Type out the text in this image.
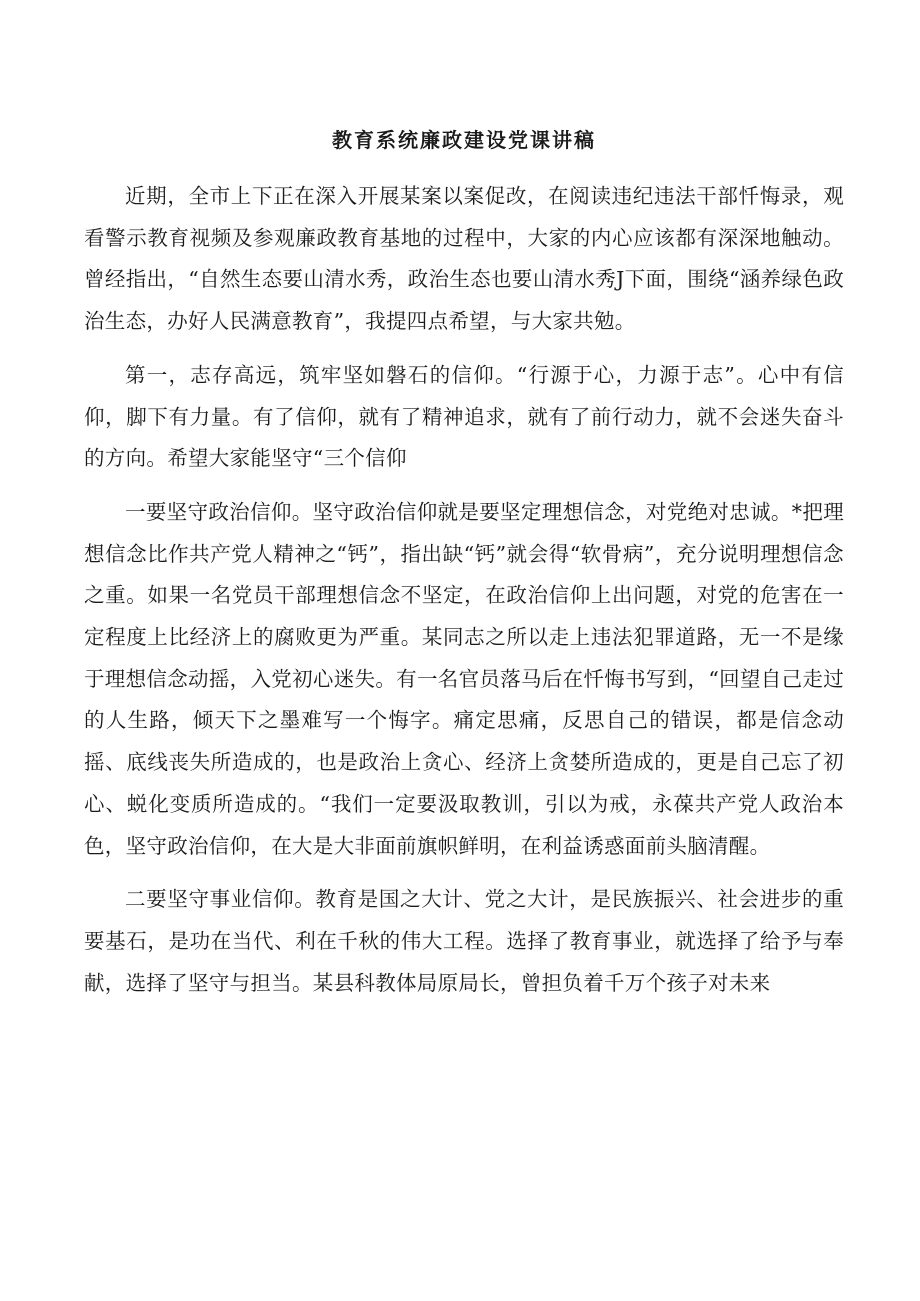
教育系统廉政建设党课讲稿

近期，全市上下正在深入开展某案以案促改，在阅读违纪违法干部忏悔录，观看警示教育视频及参观廉政教育基地的过程中，大家的内心应该都有深深地触动。曾经指出，“自然生态要山清水秀，政治生态也要山清水秀J下面，围绕“涵养绿色政治生态，办好人民满意教育”，我提四点希望，与大家共勉。

第一，志存高远，筑牢坚如磐石的信仰。“行源于心，力源于志”。心中有信仰，脚下有力量。有了信仰，就有了精神追求，就有了前行动力，就不会迷失奋斗的方向。希望大家能坚守“三个信仰

一要坚守政治信仰。坚守政治信仰就是要坚定理想信念，对党绝对忠诚。*把理想信念比作共产党人精神之“钙”，指出缺“钙”就会得“软骨病”，充分说明理想信念之重。如果一名党员干部理想信念不坚定，在政治信仰上出问题，对党的危害在一定程度上比经济上的腐败更为严重。某同志之所以走上违法犯罪道路，无一不是缘于理想信念动摇，入党初心迷失。有一名官员落马后在忏悔书写到，“回望自己走过的人生路，倾天下之墨难写一个悔字。痛定思痛，反思自己的错误，都是信念动摇、底线丧失所造成的，也是政治上贪心、经济上贪婪所造成的，更是自己忘了初心、蜕化变质所造成的。“我们一定要汲取教训，引以为戒，永葆共产党人政治本色，坚守政治信仰，在大是大非面前旗帜鲜明，在利益诱惑面前头脑清醒。

二要坚守事业信仰。教育是国之大计、党之大计，是民族振兴、社会进步的重要基石，是功在当代、利在千秋的伟大工程。选择了教育事业，就选择了给予与奉献，选择了坚守与担当。某县科教体局原局长，曾担负着千万个孩子对未来
